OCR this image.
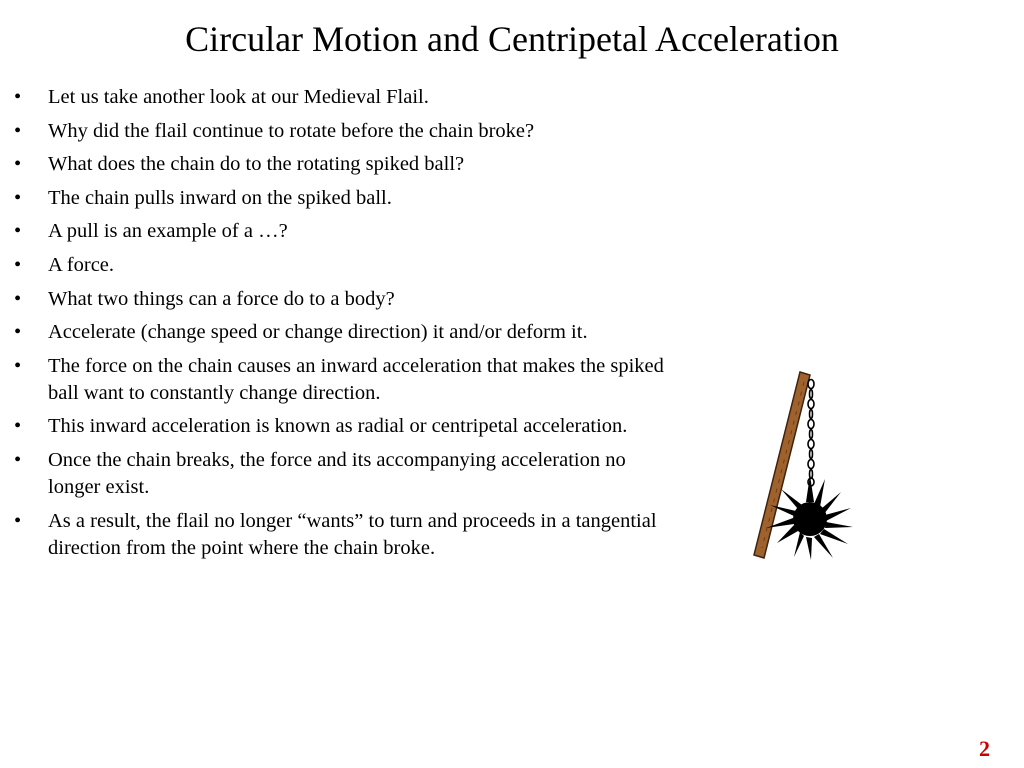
Circular Motion and Centripetal Acceleration
• Let us take another look at our Medieval Flail.
• Why did the flail continue to rotate before the chain broke?
• What does the chain do to the rotating spiked ball?
• The chain pulls inward on the spiked ball.
• A pull is an example of a …?
• A force.
• What two things can a force do to a body?
• Accelerate (change speed or change direction) it and/or deform it.
• The force on the chain causes an inward acceleration that makes the spiked ball want to constantly change direction.
• This inward acceleration is known as radial or centripetal acceleration.
• Once the chain breaks, the force and its accompanying acceleration no longer exist.
• As a result, the flail no longer “wants” to turn and proceeds in a tangential direction from the point where the chain broke.
2
